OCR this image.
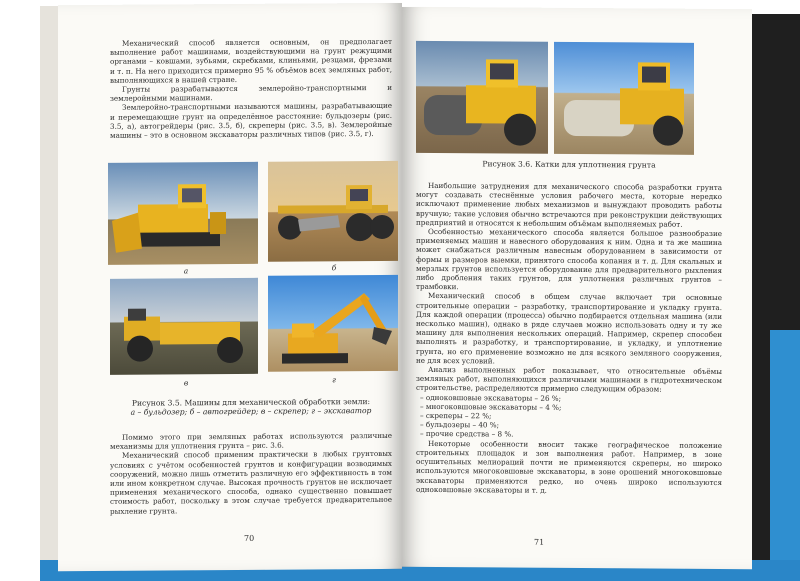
Механический способ является основным, он предполагает выполнение работ машинами, воздействующими на грунт режущими органами – ковшами, зубьями, скребками, клиньями, резцами, фрезами и т. п. На него приходится примерно 95 % объёмов всех земляных работ, выполняющихся в нашей стране.

Грунты разрабатываются землеройно-транспортными и землеройными машинами.

Землеройно-транспортными называются машины, разрабатывающие и перемещающие грунт на определённое расстояние: бульдозеры (рис. 3.5, а), автогрейдеры (рис. 3.5, б), скреперы (рис. 3.5, в). Землеройные машины – это в основном экскаваторы различных типов (рис. 3.5, г).

а	б
в	г
Рисунок 3.5. Машины для механической обработки земли:
а – бульдозер; б – автогрейдер; в – скрепер; г – экскаватор

Помимо этого при земляных работах используются различные механизмы для уплотнения грунта – рис. 3.6.

Механический способ применим практически в любых грунтовых условиях с учётом особенностей грунтов и конфигурации возводимых сооружений, можно лишь отметить различную его эффективность в том или ином конкретном случае. Высокая прочность грунтов не исключает применения механического способа, однако существенно повышает стоимость работ, поскольку в этом случае требуется предварительное рыхление грунта.

70
Рисунок 3.6. Катки для уплотнения грунта

Наибольшие затруднения для механического способа разработки грунта могут создавать стеснённые условия рабочего места, которые нередко исключают применение любых механизмов и вынуждают проводить работы вручную; такие условия обычно встречаются при реконструкции действующих предприятий и относятся к небольшим объёмам выполняемых работ.

Особенностью механического способа является большое разнообразие применяемых машин и навесного оборудования к ним. Одна и та же машина может снабжаться различным навесным оборудованием в зависимости от формы и размеров выемки, принятого способа копания и т. д. Для скальных и мерзлых грунтов используется оборудование для предварительного рыхления либо дробления таких грунтов, для уплотнения различных грунтов – трамбовки.

Механический способ в общем случае включает три основные строительные операции – разработку, транспортирование и укладку грунта. Для каждой операции (процесса) обычно подбирается отдельная машина (или несколько машин), однако в ряде случаев можно использовать одну и ту же машину для выполнения нескольких операций. Например, скрепер способен выполнять и разработку, и транспортирование, и укладку, и уплотнение грунта, но его применение возможно не для всякого земляного сооружения, не для всех условий.

Анализ выполненных работ показывает, что относительные объёмы земляных работ, выполняющихся различными машинами в гидротехническом строительстве, распределяются примерно следующим образом:

– одноковшовые экскаваторы – 26 %;
– многоковшовые экскаваторы – 4 %;
– скреперы – 22 %;
– бульдозеры – 40 %;
– прочие средства – 8 %.

Некоторые особенности вносит также географическое положение строительных площадок и зон выполнения работ. Например, в зоне осушительных мелиораций почти не применяются скреперы, но широко используются многоковшовые экскаваторы, в зоне орошений многоковшовые экскаваторы применяются редко, но очень широко используются одноковшовые экскаваторы и т. д.

71
